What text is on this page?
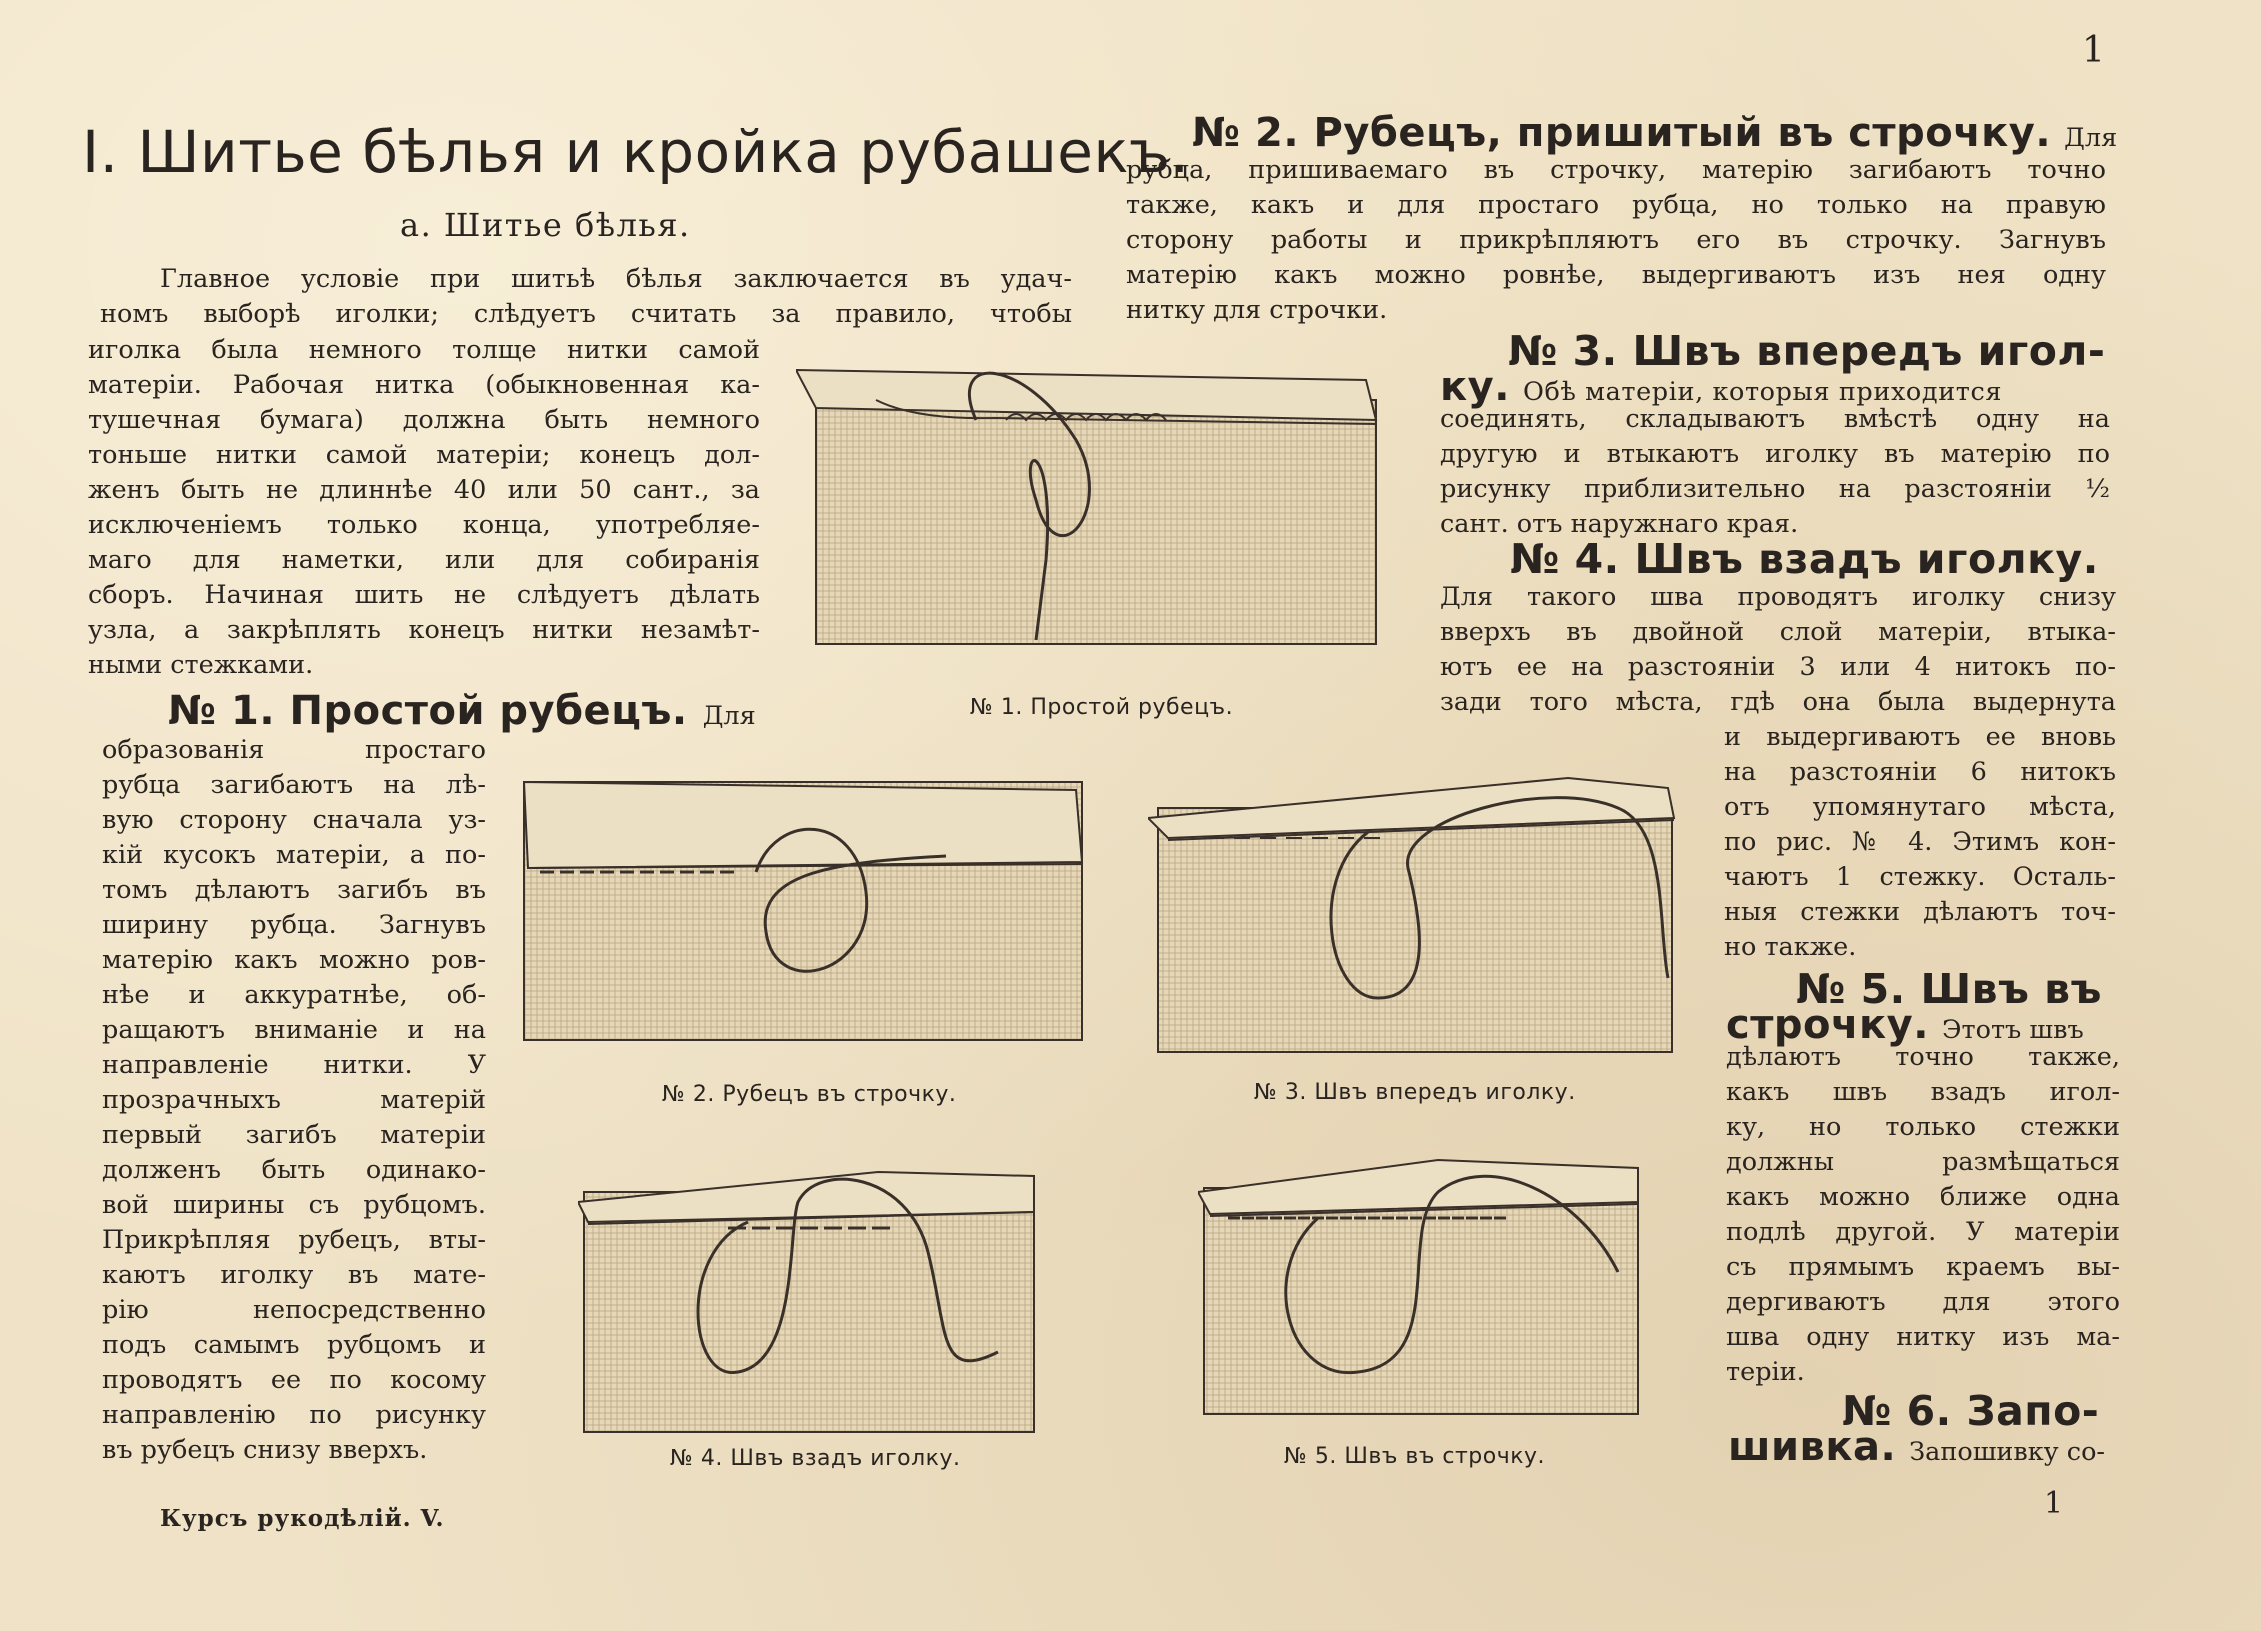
1
I. Шитье бѣлья и кройка рубашекъ.
а. Шитье бѣлья.

Главное условіе при шитьѣ бѣлья заключается въ удач-

номъ выборѣ иголки; слѣдуетъ считать за правило, чтобы

иголка была немного толще нитки самой

матеріи. Рабочая нитка (обыкновенная ка-

тушечная бумага) должна быть немного

тоньше нитки самой матеріи; конецъ дол-

женъ быть не длиннѣе 40 или 50 сант., за

исключеніемъ только конца, употребляе-

маго для наметки, или для собиранія

сборъ. Начиная шить не слѣдуетъ дѣлать

узла, а закрѣплять конецъ нитки незамѣт-

ными стежками.

№ 1. Простой рубецъ. Для

образованія простаго

рубца загибаютъ на лѣ-

вую сторону сначала уз-

кій кусокъ матеріи, а по-

томъ дѣлаютъ загибъ въ

ширину рубца. Загнувъ

матерію какъ можно ров-

нѣе и аккуратнѣе, об-

ращаютъ вниманіе и на

направленіе нитки. У

прозрачныхъ матерій

первый загибъ матеріи

долженъ быть одинако-

вой ширины съ рубцомъ.

Прикрѣпляя рубецъ, вты-

каютъ иголку въ мате-

рію непосредственно

подъ самымъ рубцомъ и

проводятъ ее по косому

направленію по рисунку

въ рубецъ снизу вверхъ.

№ 2. Рубецъ, пришитый въ строчку. Для

рубца, пришиваемаго въ строчку, матерію загибаютъ точно

также, какъ и для простаго рубца, но только на правую

сторону работы и прикрѣпляютъ его въ строчку. Загнувъ

матерію какъ можно ровнѣе, выдергиваютъ изъ нея одну

нитку для строчки.

№ 3. Швъ впередъ игол-
ку. Обѣ матеріи, которыя приходится

соединять, складываютъ вмѣстѣ одну на

другую и втыкаютъ иголку въ матерію по

рисунку приблизительно на разстояніи ½

сант. отъ наружнаго края.

№ 4. Швъ взадъ иголку.

Для такого шва проводятъ иголку снизу

вверхъ въ двойной слой матеріи, втыка-

ютъ ее на разстояніи 3 или 4 нитокъ по-

зади того мѣста, гдѣ она была выдернута

и выдергиваютъ ее вновь

на разстояніи 6 нитокъ

отъ упомянутаго мѣста,

по рис. № 4. Этимъ кон-

чаютъ 1 стежку. Осталь-

ныя стежки дѣлаютъ точ-

но также.

№ 5. Швъ въ
строчку. Этотъ швъ

дѣлаютъ точно также,

какъ швъ взадъ игол-

ку, но только стежки

должны размѣщаться

какъ можно ближе одна

подлѣ другой. У матеріи

съ прямымъ краемъ вы-

дергиваютъ для этого

шва одну нитку изъ ма-

теріи.

№ 6. Запо-
шивка. Запошивку со-
№ 1. Простой рубецъ.
№ 2. Рубецъ въ строчку.	№ 3. Швъ впередъ иголку.
№ 4. Швъ взадъ иголку.	№ 5. Швъ въ строчку.
Курсъ рукодѣлій. V.	1
